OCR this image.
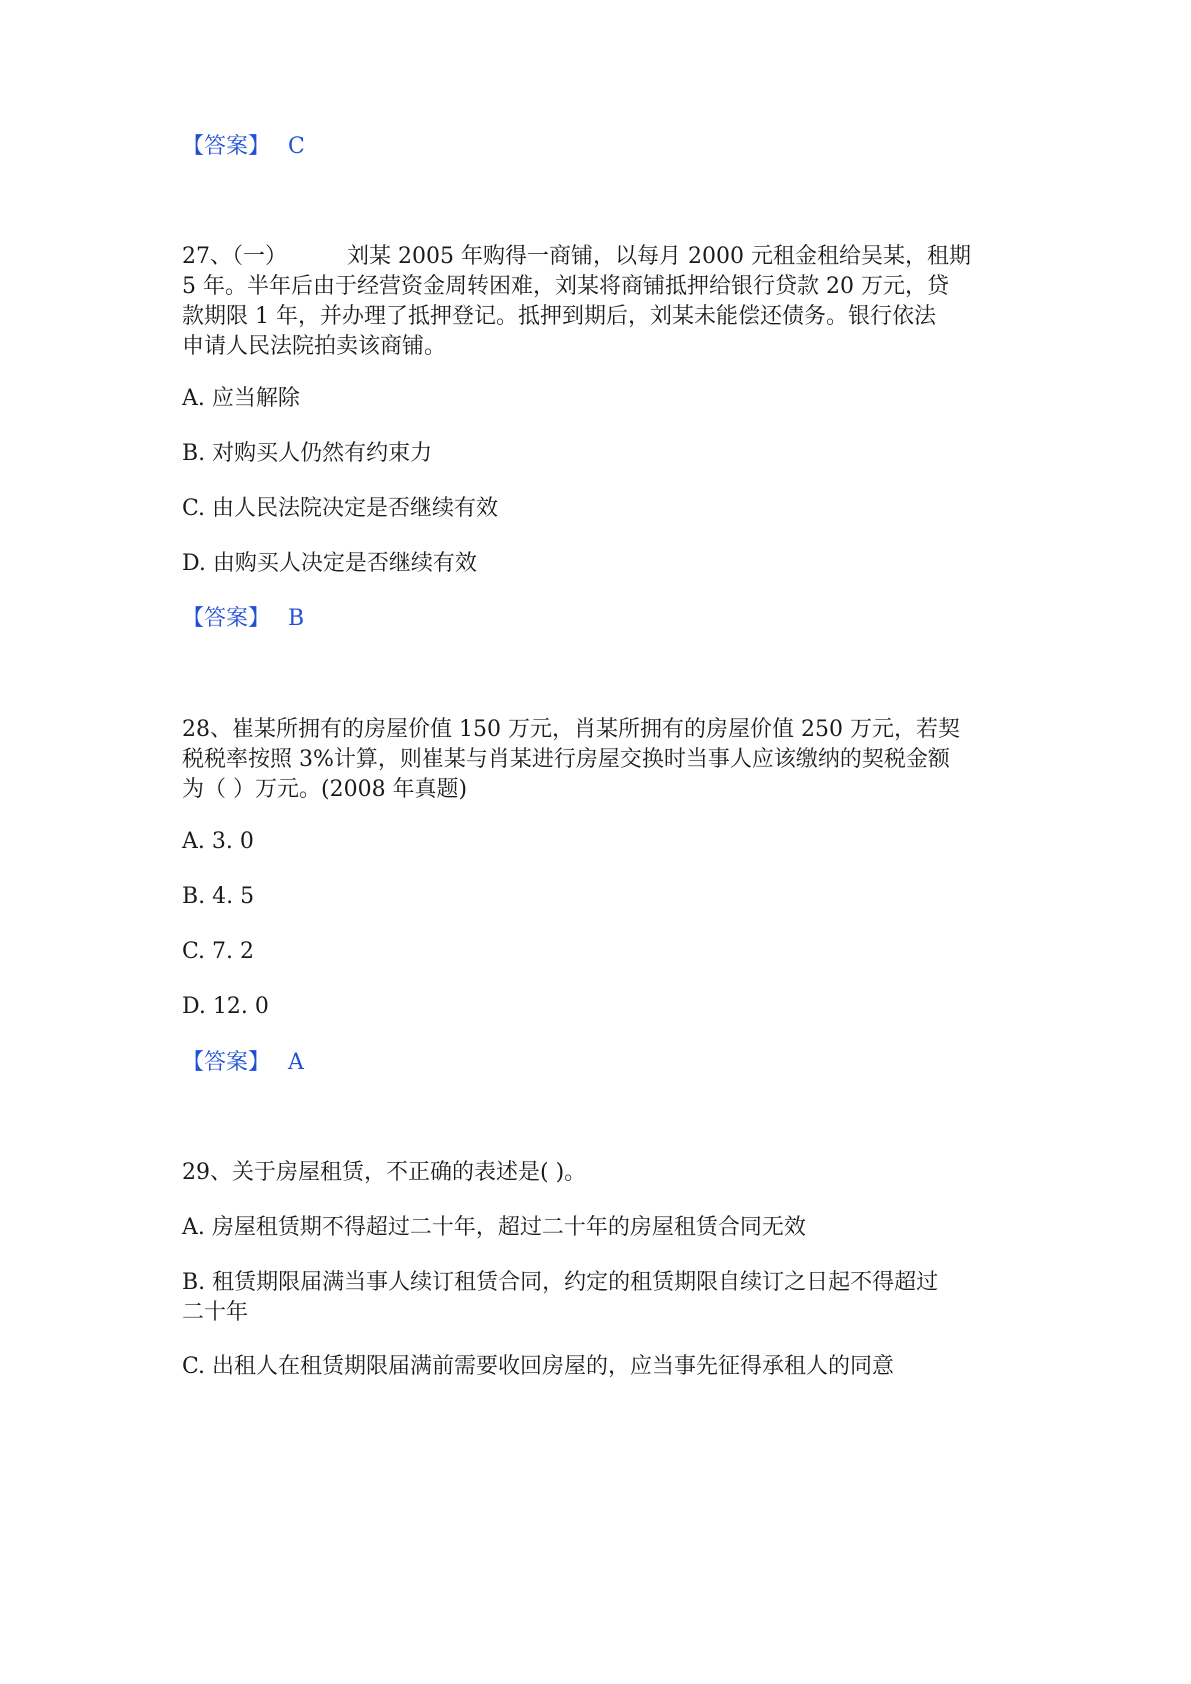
【答案】 C
27、（一）	刘某 2005 年购得一商铺，以每月 2000 元租金租给吴某，租期
5 年。半年后由于经营资金周转困难，刘某将商铺抵押给银行贷款 20 万元，贷
款期限 1 年，并办理了抵押登记。抵押到期后，刘某未能偿还债务。银行依法
申请人民法院拍卖该商铺。
A. 应当解除
B. 对购买人仍然有约束力
C. 由人民法院决定是否继续有效
D. 由购买人决定是否继续有效
【答案】 B
28、崔某所拥有的房屋价值 150 万元，肖某所拥有的房屋价值 250 万元，若契
税税率按照 3%计算，则崔某与肖某进行房屋交换时当事人应该缴纳的契税金额
为（ ）万元。(2008 年真题)
A. 3. 0
B. 4. 5
C. 7. 2
D. 12. 0
【答案】 A
29、关于房屋租赁，不正确的表述是( )。
A. 房屋租赁期不得超过二十年，超过二十年的房屋租赁合同无效
B. 租赁期限届满当事人续订租赁合同，约定的租赁期限自续订之日起不得超过
二十年
C. 出租人在租赁期限届满前需要收回房屋的，应当事先征得承租人的同意
